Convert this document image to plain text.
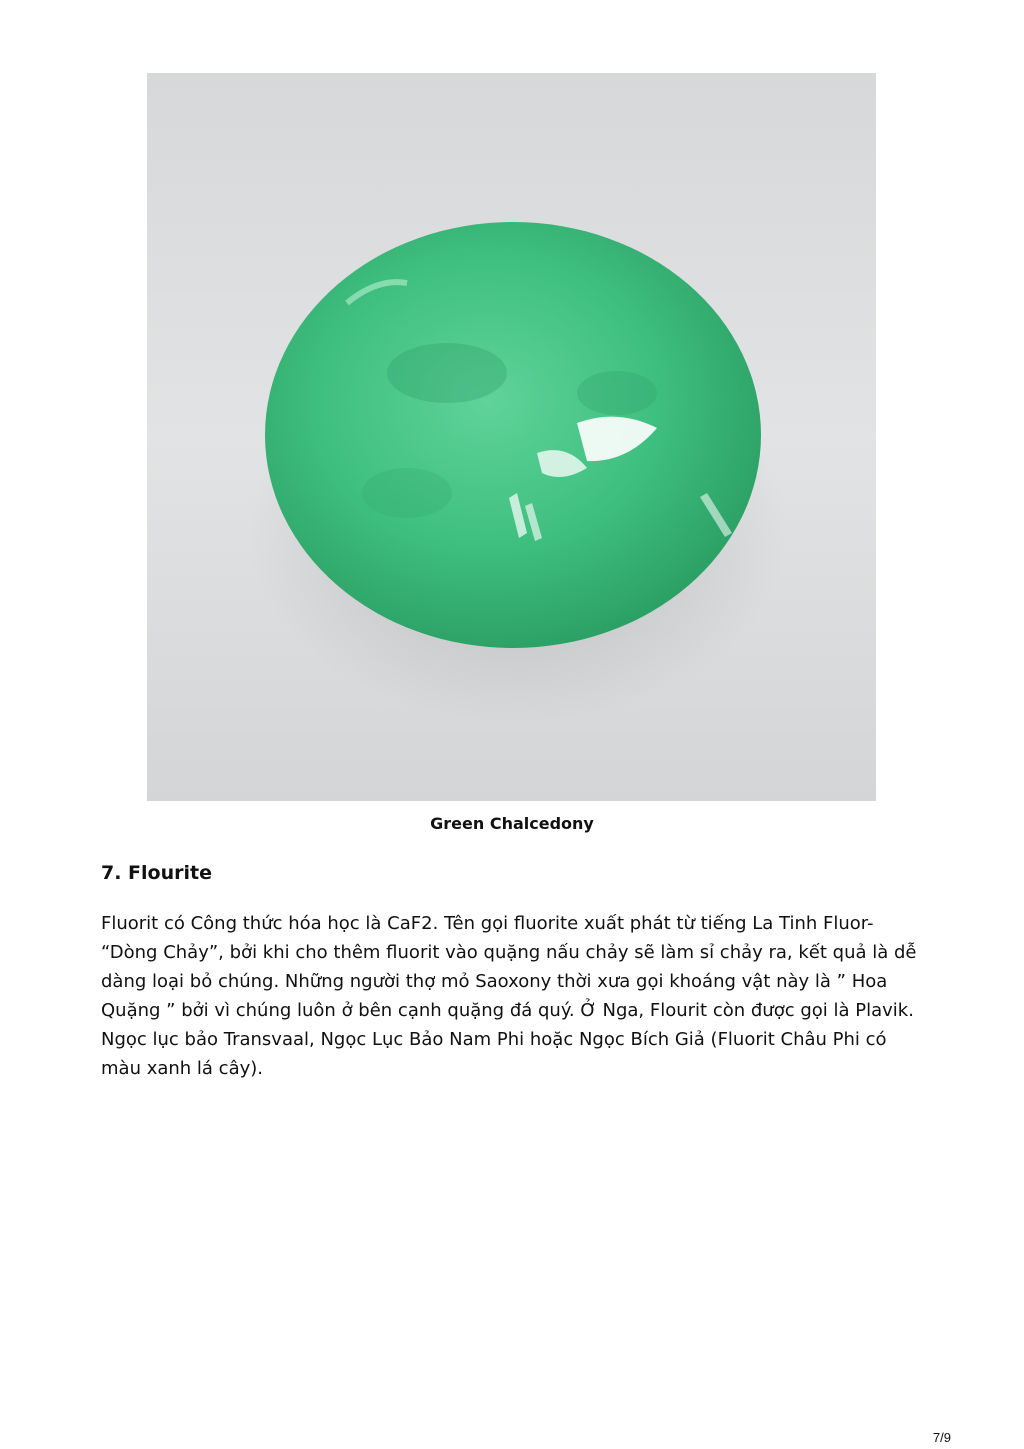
Green Chalcedony
7. Flourite

Fluorit có Công thức hóa học là CaF2. Tên gọi fluorite xuất phát từ tiếng La Tinh Fluor-
“Dòng Chảy”, bởi khi cho thêm fluorit vào quặng nấu chảy sẽ làm sỉ chảy ra, kết quả là dễ
dàng loại bỏ chúng. Những người thợ mỏ Saoxony thời xưa gọi khoáng vật này là ” Hoa
Quặng ” bởi vì chúng luôn ở bên cạnh quặng đá quý. Ở Nga, Flourit còn được gọi là Plavik.
Ngọc lục bảo Transvaal, Ngọc Lục Bảo Nam Phi hoặc Ngọc Bích Giả (Fluorit Châu Phi có
màu xanh lá cây).

7/9
